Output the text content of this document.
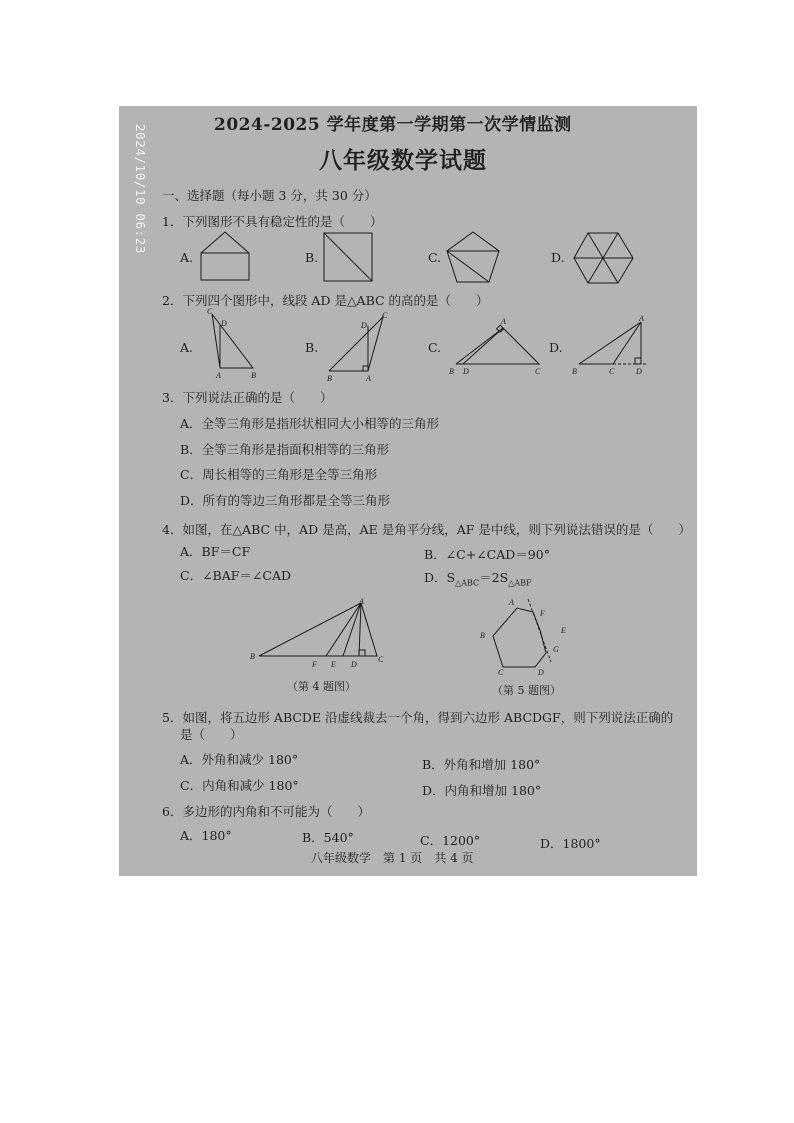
2024/10/10 06:23	2024-2025 学年度第一学期第一次学情监测
八年级数学试题
一、选择题（每小题 3 分，共 30 分）
1．下列图形不具有稳定性的是（　　）
A.	B.	C.	D.
2．下列四个图形中，线段 AD 是△ABC 的高的是（　　）
A.	B.	C.	D.
C
D
A	B
C
D
B	A
A
B D	C
A
B	C	D
3．下列说法正确的是（　　）
A．全等三角形是指形状相同大小相等的三角形
B．全等三角形是指面积相等的三角形
C．周长相等的三角形是全等三角形
D．所有的等边三角形都是全等三角形
4．如图，在△ABC 中，AD 是高，AE 是角平分线，AF 是中线，则下列说法错误的是（　　）
A．BF＝CF	B．∠C+∠CAD＝90°
C．∠BAF＝∠CAD	D．$S_{\triangle ABC}=2S_{\triangle ABF}$
A
B
F E D
C
（第 4 题图）
A
F
B
E
G
C	D
（第 5 题图）
5．如图，将五边形 ABCDE 沿虚线裁去一个角，得到六边形 ABCDGF，则下列说法正确的
是（　　）
A．外角和减少 180°	B．外角和增加 180°
C．内角和减少 180°	D．内角和增加 180°
6．多边形的内角和不可能为（　　）
A．180°	B．540°	C．1200°	D．1800°
八年级数学　第 1 页　共 4 页
